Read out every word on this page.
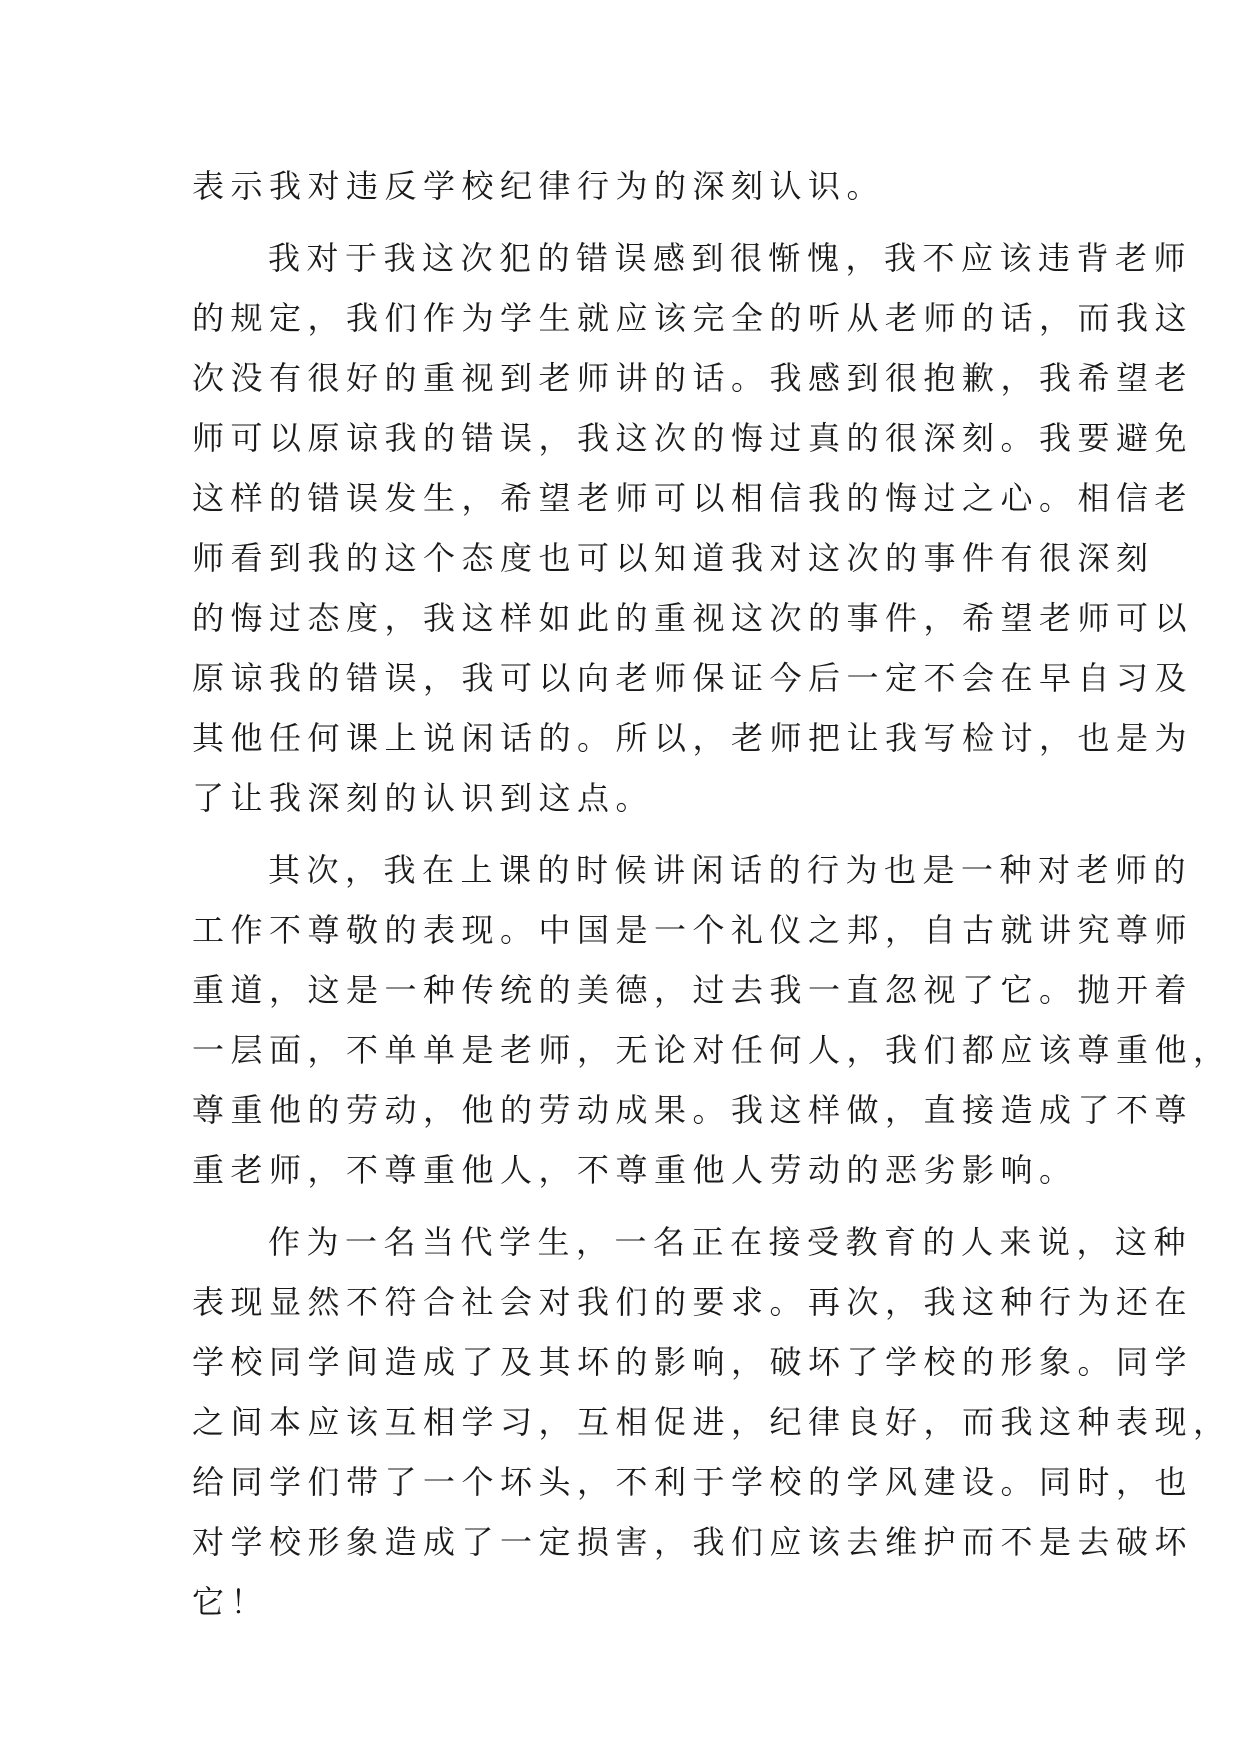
表示我对违反学校纪律行为的深刻认识。
我对于我这次犯的错误感到很惭愧，我不应该违背老师
的规定，我们作为学生就应该完全的听从老师的话，而我这
次没有很好的重视到老师讲的话。我感到很抱歉，我希望老
师可以原谅我的错误，我这次的悔过真的很深刻。我要避免
这样的错误发生，希望老师可以相信我的悔过之心。相信老
师看到我的这个态度也可以知道我对这次的事件有很深刻
的悔过态度，我这样如此的重视这次的事件，希望老师可以
原谅我的错误，我可以向老师保证今后一定不会在早自习及
其他任何课上说闲话的。所以，老师把让我写检讨，也是为
了让我深刻的认识到这点。
其次，我在上课的时候讲闲话的行为也是一种对老师的
工作不尊敬的表现。中国是一个礼仪之邦，自古就讲究尊师
重道，这是一种传统的美德，过去我一直忽视了它。抛开着
一层面，不单单是老师，无论对任何人，我们都应该尊重他，
尊重他的劳动，他的劳动成果。我这样做，直接造成了不尊
重老师，不尊重他人，不尊重他人劳动的恶劣影响。
作为一名当代学生，一名正在接受教育的人来说，这种
表现显然不符合社会对我们的要求。再次，我这种行为还在
学校同学间造成了及其坏的影响，破坏了学校的形象。同学
之间本应该互相学习，互相促进，纪律良好，而我这种表现，
给同学们带了一个坏头，不利于学校的学风建设。同时，也
对学校形象造成了一定损害，我们应该去维护而不是去破坏
它！
